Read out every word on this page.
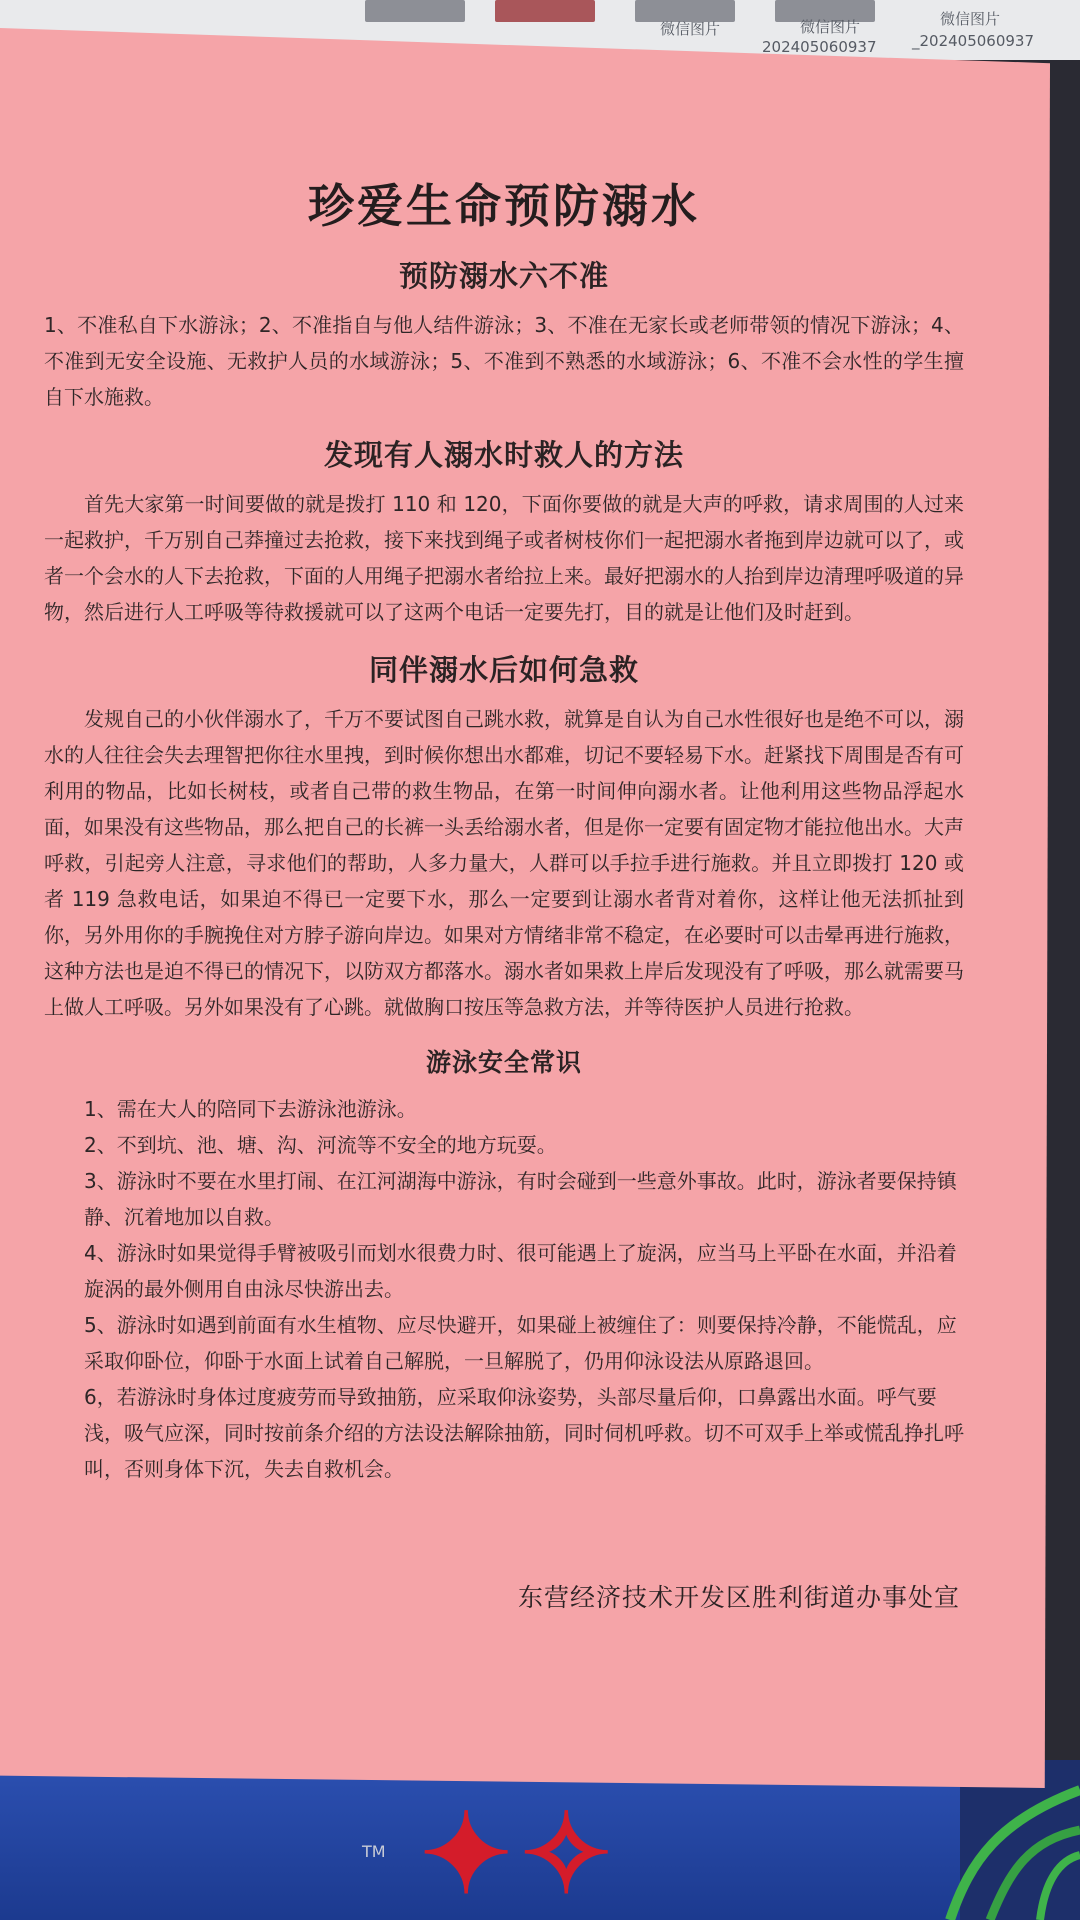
微信图片	微信图片	微信图片
202405060937 _202405060937
✦✧
TM
珍爱生命预防溺水
预防溺水六不准

1、不准私自下水游泳；2、不准指自与他人结件游泳；3、不准在无家长或老师带领的情况下游泳；4、不准到无安全设施、无救护人员的水域游泳；5、不准到不熟悉的水域游泳；6、不准不会水性的学生擅自下水施救。

发现有人溺水时救人的方法

首先大家第一时间要做的就是拨打 110 和 120，下面你要做的就是大声的呼救，请求周围的人过来一起救护，千万别自己莽撞过去抢救，接下来找到绳子或者树枝你们一起把溺水者拖到岸边就可以了，或者一个会水的人下去抢救，下面的人用绳子把溺水者给拉上来。最好把溺水的人抬到岸边清理呼吸道的异物，然后进行人工呼吸等待救援就可以了这两个电话一定要先打，目的就是让他们及时赶到。

同伴溺水后如何急救

发规自己的小伙伴溺水了，千万不要试图自己跳水救，就算是自认为自己水性很好也是绝不可以，溺水的人往往会失去理智把你往水里拽，到时候你想出水都难，切记不要轻易下水。赶紧找下周围是否有可利用的物品，比如长树枝，或者自己带的救生物品，在第一时间伸向溺水者。让他利用这些物品浮起水面，如果没有这些物品，那么把自己的长裤一头丢给溺水者，但是你一定要有固定物才能拉他出水。大声呼救，引起旁人注意，寻求他们的帮助，人多力量大，人群可以手拉手进行施救。并且立即拨打 120 或者 119 急救电话，如果迫不得已一定要下水，那么一定要到让溺水者背对着你，这样让他无法抓扯到你，另外用你的手腕挽住对方脖子游向岸边。如果对方情绪非常不稳定，在必要时可以击晕再进行施救，这种方法也是迫不得已的情况下，以防双方都落水。溺水者如果救上岸后发现没有了呼吸，那么就需要马上做人工呼吸。另外如果没有了心跳。就做胸口按压等急救方法，并等待医护人员进行抢救。

游泳安全常识
1、需在大人的陪同下去游泳池游泳。
2、不到坑、池、塘、沟、河流等不安全的地方玩耍。
3、游泳时不要在水里打闹、在江河湖海中游泳，有时会碰到一些意外事故。此时，游泳者要保持镇静、沉着地加以自救。
4、游泳时如果觉得手臂被吸引而划水很费力时、很可能遇上了旋涡，应当马上平卧在水面，并沿着旋涡的最外侧用自由泳尽快游出去。
5、游泳时如遇到前面有水生植物、应尽快避开，如果碰上被缠住了：则要保持冷静，不能慌乱，应采取仰卧位，仰卧于水面上试着自己解脱，一旦解脱了，仍用仰泳设法从原路退回。
6，若游泳时身体过度疲劳而导致抽筋，应采取仰泳姿势，头部尽量后仰，口鼻露出水面。呼气要浅，吸气应深，同时按前条介绍的方法设法解除抽筋，同时伺机呼救。切不可双手上举或慌乱挣扎呼叫，否则身体下沉，失去自救机会。
东营经济技术开发区胜利街道办事处宣
